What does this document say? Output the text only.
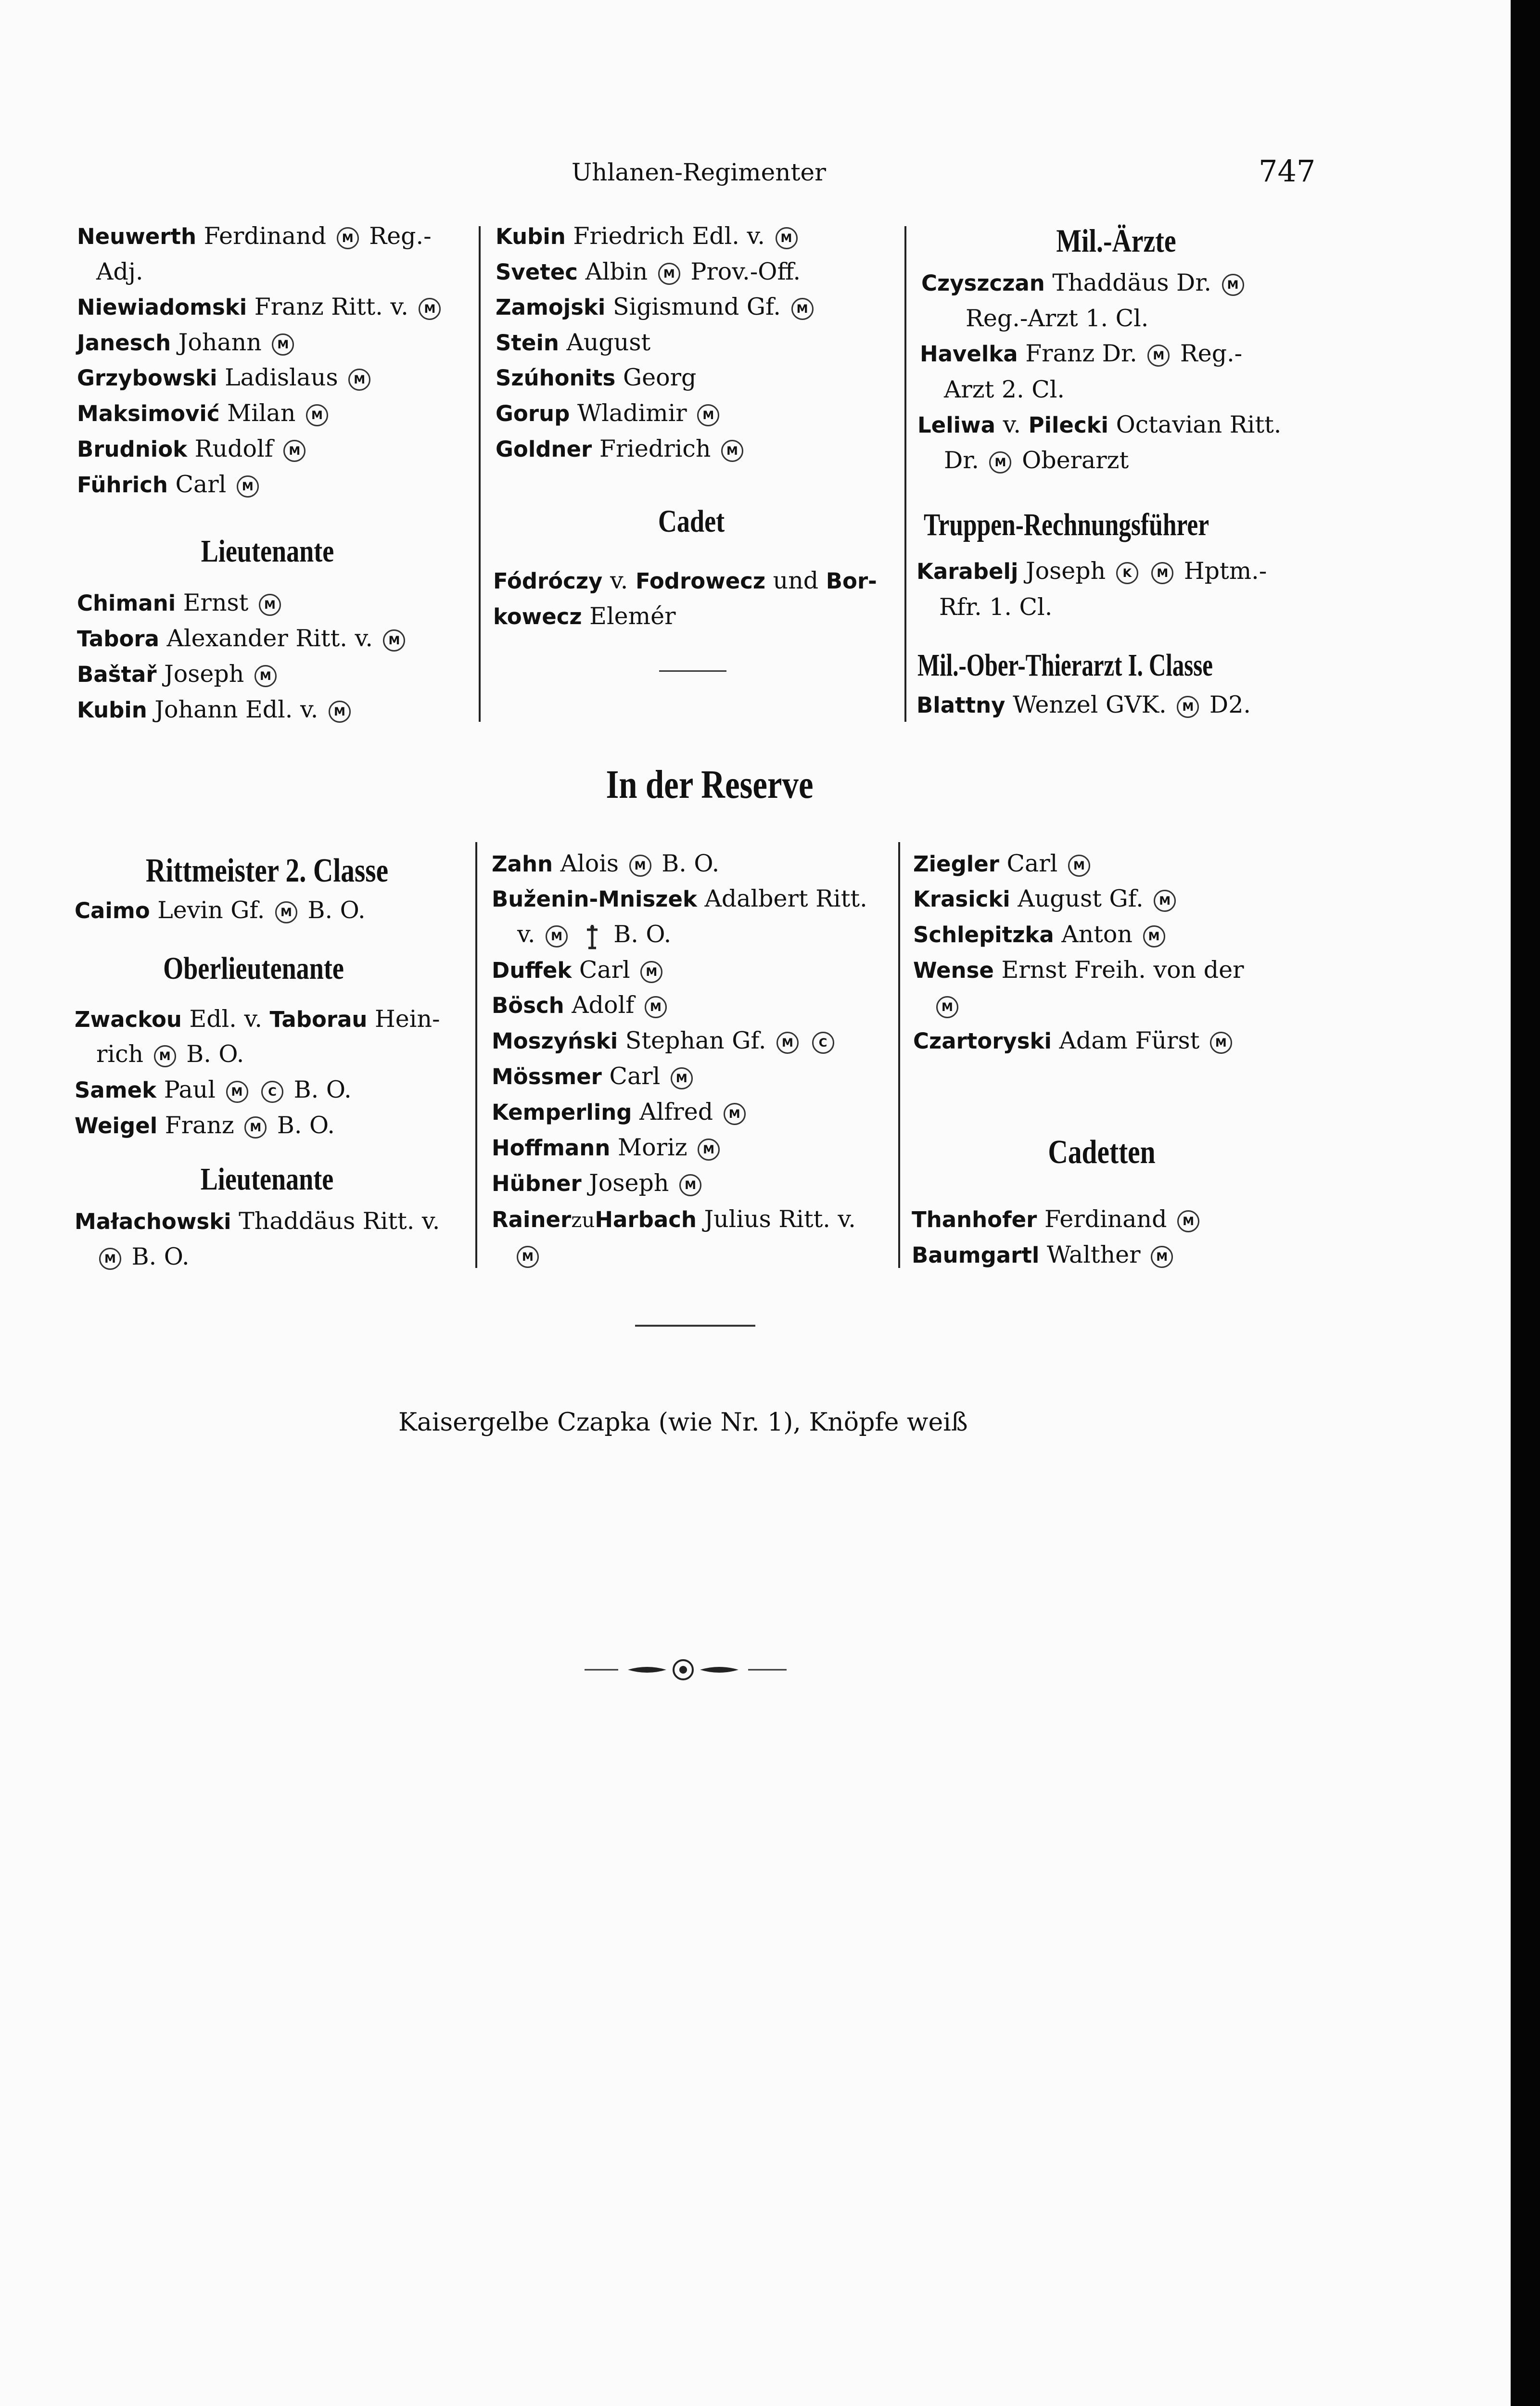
Uhlanen-Regimenter	747
Neuwerth Ferdinand M Reg.-
Adj.
Niewiadomski Franz Ritt. v. M
Janesch Johann M
Grzybowski Ladislaus M
Maksimović Milan M
Brudniok Rudolf M
Führich Carl M
Lieutenante
Chimani Ernst M
Tabora Alexander Ritt. v. M
Baštař Joseph M
Kubin Johann Edl. v. M
Kubin Friedrich Edl. v. M
Svetec Albin M Prov.-Off.
Zamojski Sigismund Gf. M
Stein August
Szúhonits Georg
Gorup Wladimir M
Goldner Friedrich M
Cadet
Fódróczy v. Fodrowecz und Bor-
kowecz Elemér
Mil.-Ärzte
Czyszczan Thaddäus Dr. M
Reg.-Arzt 1. Cl.
Havelka Franz Dr. M Reg.-
Arzt 2. Cl.
Leliwa v. Pilecki Octavian Ritt.
Dr. M Oberarzt
Truppen-Rechnungsführer
Karabelj Joseph K M Hptm.-
Rfr. 1. Cl.
Mil.-Ober-Thierarzt I. Classe
Blattny Wenzel GVK. M D2.
In der Reserve
Rittmeister 2. Classe
Caimo Levin Gf. M B. O.
Oberlieutenante
Zwackou Edl. v. Taborau Hein-
rich M B. O.
Samek Paul M C B. O.
Weigel Franz M B. O.
Lieutenante
Małachowski Thaddäus Ritt. v.
M B. O.
Zahn Alois M B. O.
Buženin-Mniszek Adalbert Ritt.
v. M B. O.
Duffek Carl M
Bösch Adolf M
Moszyński Stephan Gf. M C
Mössmer Carl M
Kemperling Alfred M
Hoffmann Moriz M
Hübner Joseph M
RainerzuHarbach Julius Ritt. v.
M
Ziegler Carl M
Krasicki August Gf. M
Schlepitzka Anton M
Wense Ernst Freih. von der
M
Czartoryski Adam Fürst M
Cadetten
Thanhofer Ferdinand M
Baumgartl Walther M
Kaisergelbe Czapka (wie Nr. 1), Knöpfe weiß
